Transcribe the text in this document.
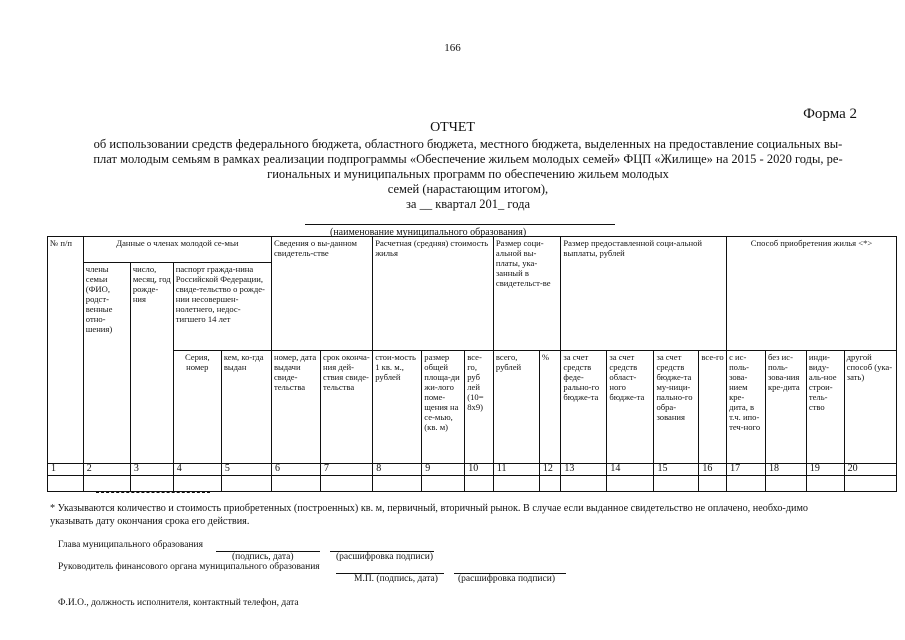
166
Форма 2
ОТЧЕТ
об использовании средств федерального бюджета, областного бюджета, местного бюджета, выделенных на предоставление социальных вы-
плат молодым семьям в рамках реализации подпрограммы «Обеспечение жильем молодых семей» ФЦП «Жилище» на 2015 - 2020 годы, ре-
гиональных и муниципальных программ по обеспечению жильем молодых
семей (нарастающим итогом),
за __ квартал 201_ года
(наименование муниципального образования)
№ п/п	Данные о членах молодой се-мьи				Сведения о вы-данном свидетель-стве		Расчетная (средняя) стоимость жилья			Размер соци-альной вы-платы, ука-занный в свидетельст-ве		Размер предоставленной соци-альной выплаты, рублей				Способ приобретения жилья <*>			
	члены семьи (ФИО, родст-венные отно-шения)	число, месяц, год рожде-ния	паспорт гражда-нина Российской Федерации, свиде-тельство о рожде-нии несовершен-нолетнего, недос-тигшего 14 лет																
			Серия, номер	кем, ко-гда выдан	номер, дата выдачи свиде-тельства	срок окончa-ния дей-ствия свиде-тельства	стои-мость 1 кв. м., рублей	размер общей площа-ди жи-лого поме-щения на се-мью, (кв. м)	все-го, руб лей (10= 8x9)	всего, рублей	%	за счет средств феде-рально-го бюдже-та	за счет средств област-ного бюдже-та	за счет средств бюдже-та му-ници-пально-го обра-зования	все-го	с ис-поль-зова-нием кре-дита, в т.ч. ипо-теч-ного	без ис-поль-зова-ния кре-дита	инди-виду-аль-ное строи-тель-ство	другой способ (ука-зать)
1	2	3	4	5	6	7	8	9	10	11	12	13	14	15	16	17	18	19	20

* Указываются количество и стоимость приобретенных (построенных) кв. м, первичный, вторичный рынок. В случае если выданное свидетельство не оплачено, необхо-димо указывать дату окончания срока его действия.
Глава муниципального образования
(подпись, дата)	(расшифровка подписи)
Руководитель финансового органа муниципального образования
М.П. (подпись, дата) (расшифровка подписи)
Ф.И.О., должность исполнителя, контактный телефон, дата
